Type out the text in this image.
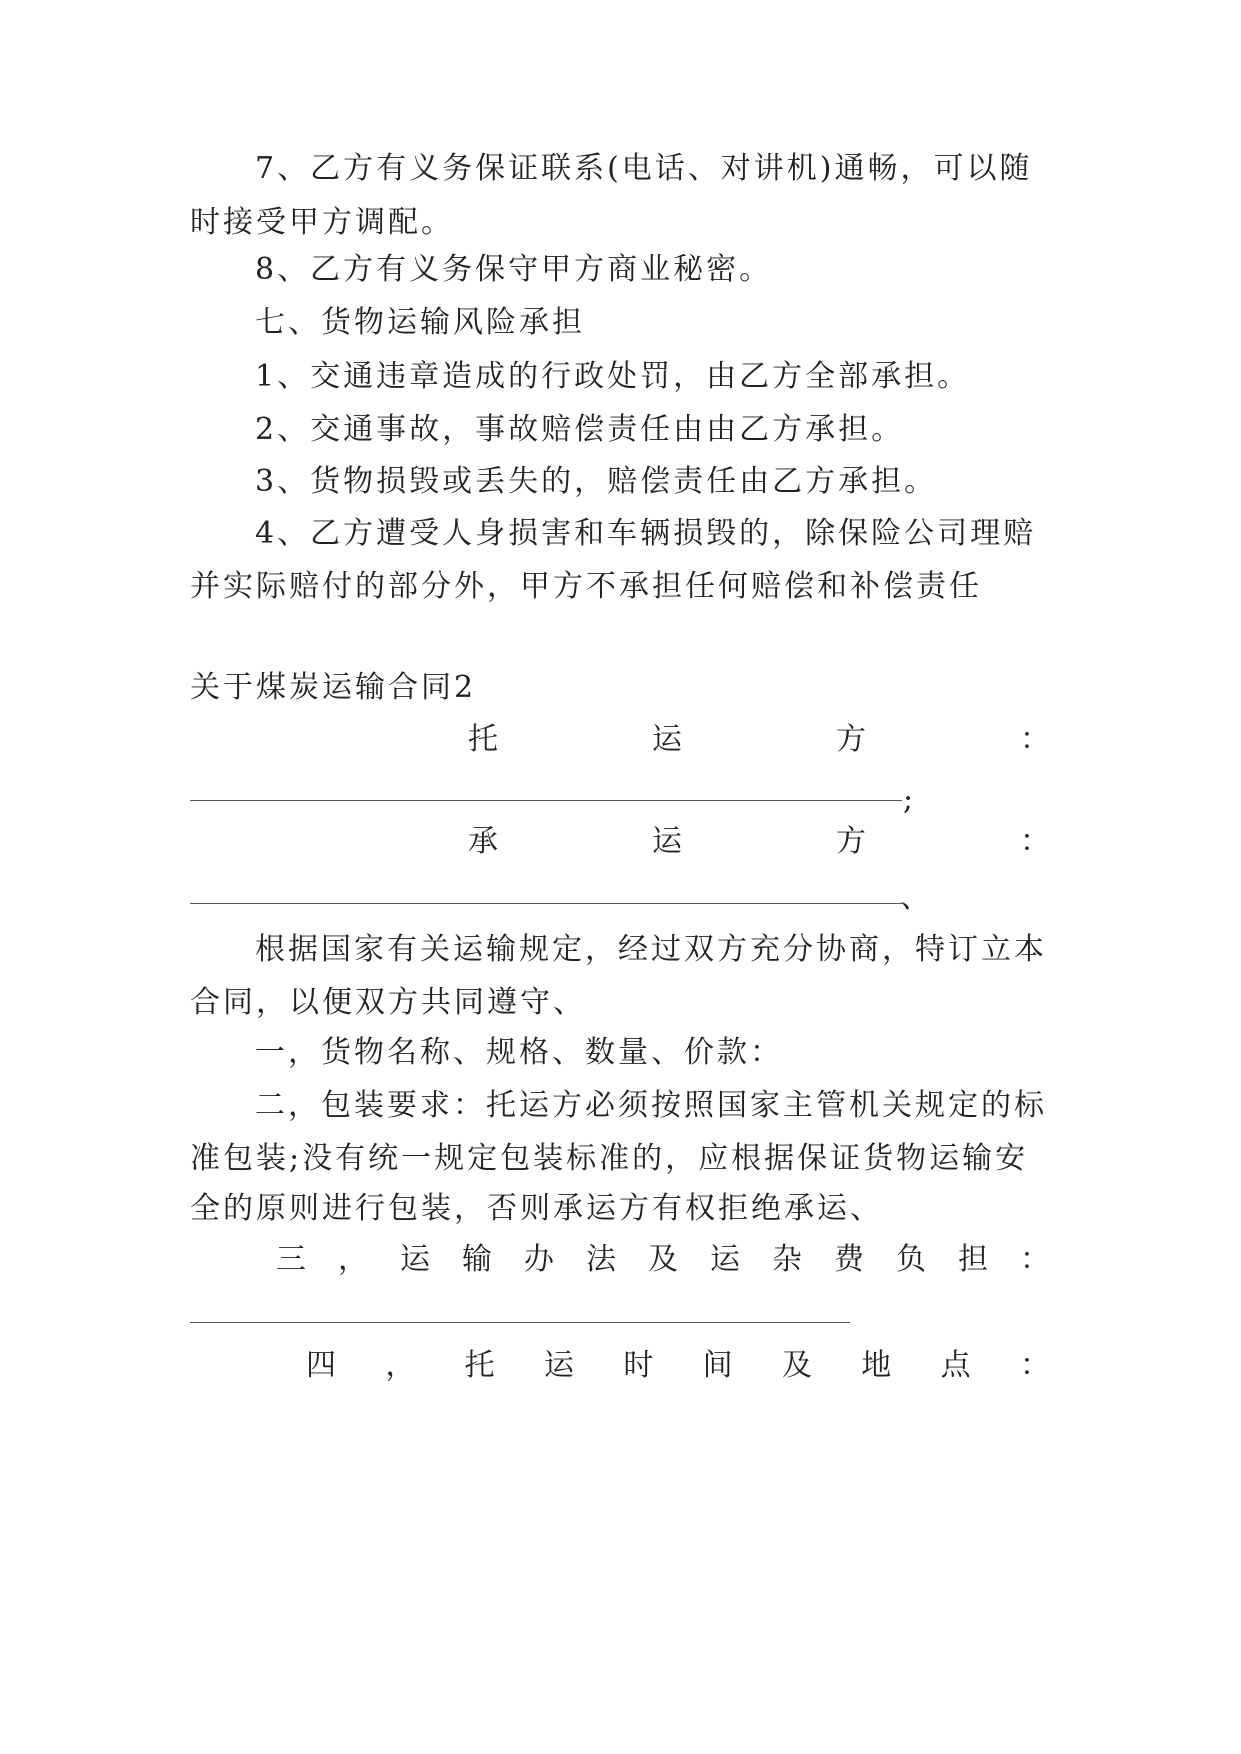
7、乙方有义务保证联系(电话、对讲机)通畅，可以随
时接受甲方调配。
8、乙方有义务保守甲方商业秘密。
七、货物运输风险承担
1、交通违章造成的行政处罚，由乙方全部承担。
2、交通事故，事故赔偿责任由由乙方承担。
3、货物损毁或丢失的，赔偿责任由乙方承担。
4、乙方遭受人身损害和车辆损毁的，除保险公司理赔
并实际赔付的部分外，甲方不承担任何赔偿和补偿责任
关于煤炭运输合同2
托	运	方	：
;
承	运	方	：
、
根据国家有关运输规定，经过双方充分协商，特订立本
合同，以便双方共同遵守、
一，货物名称、规格、数量、价款：
二，包装要求：托运方必须按照国家主管机关规定的标
准包装;没有统一规定包装标准的，应根据保证货物运输安
全的原则进行包装，否则承运方有权拒绝承运、
三 ， 运 输 办 法 及 运 杂 费 负 担 ：
四 ， 托 运 时 间 及 地 点 ：
